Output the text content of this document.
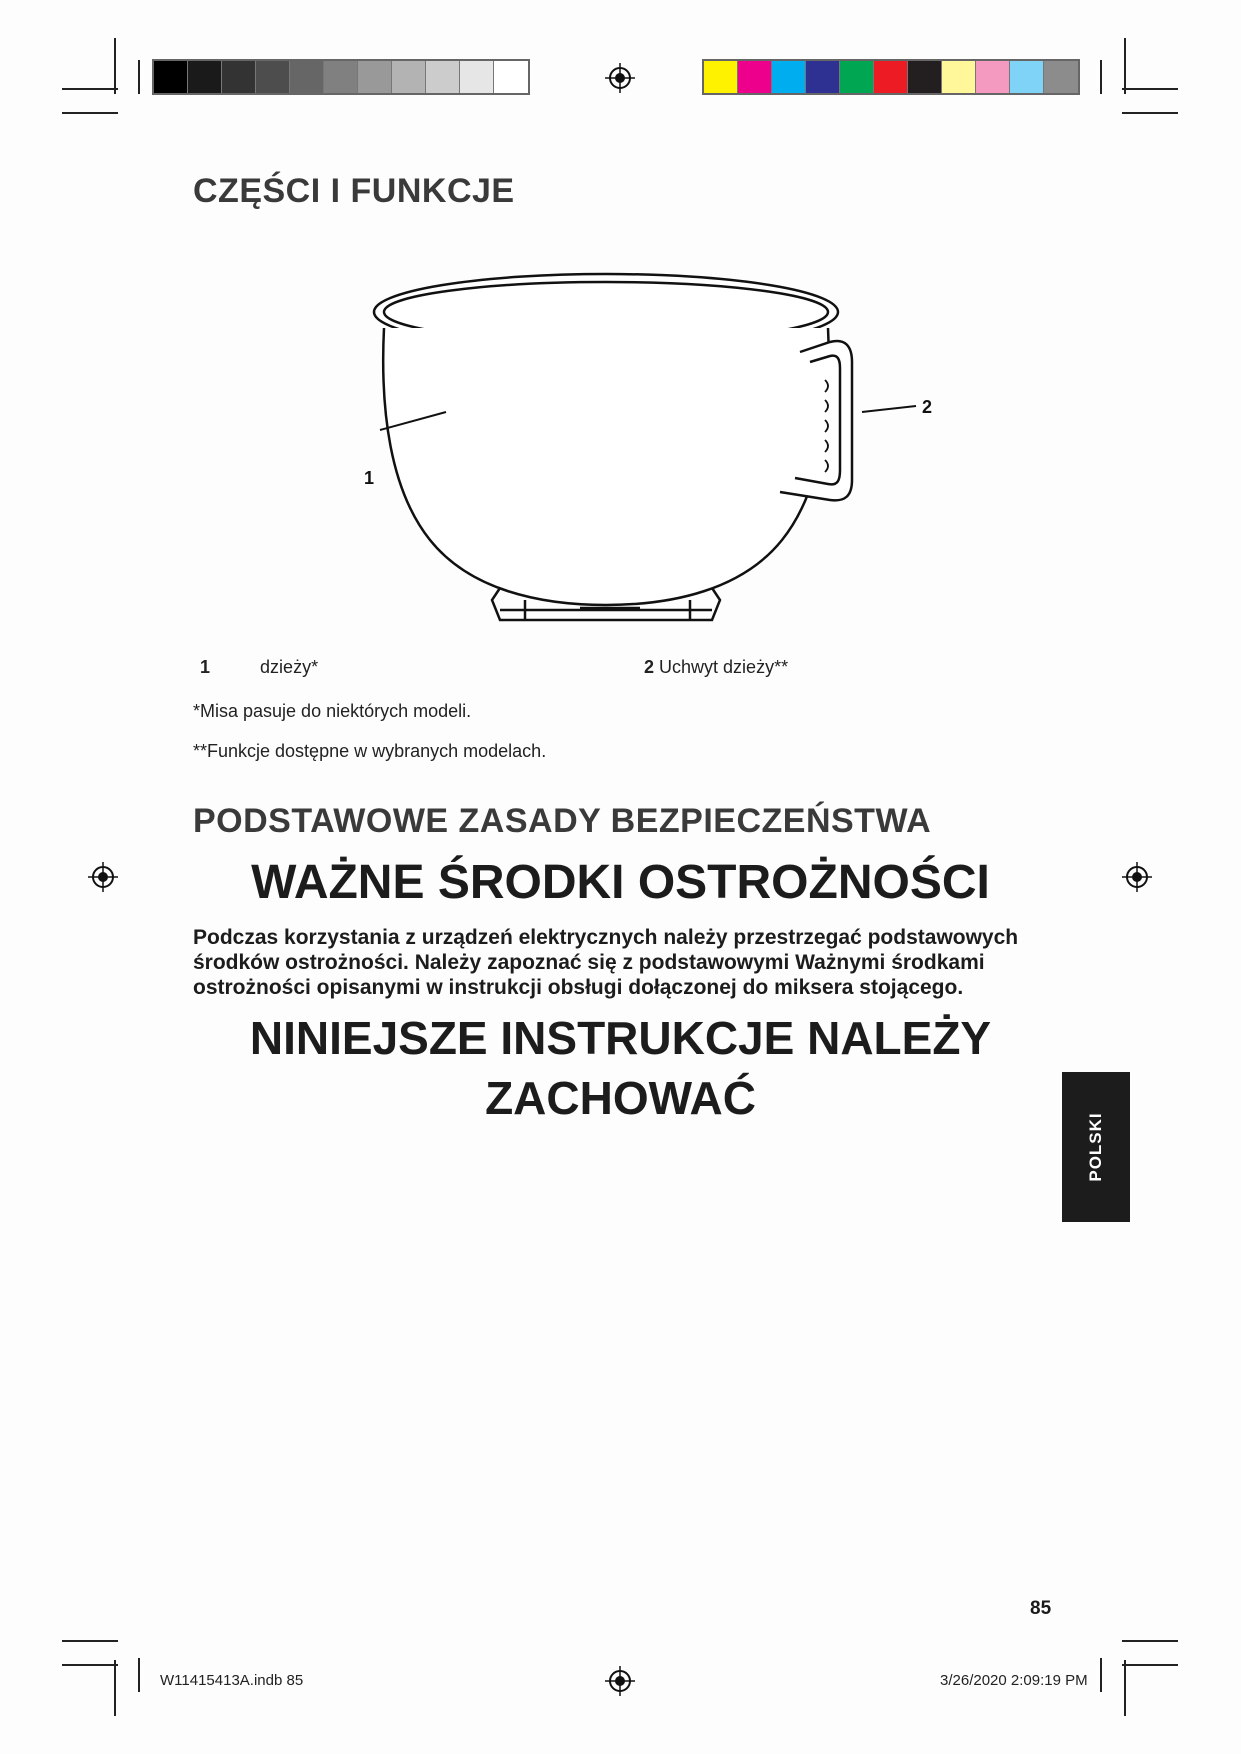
CZĘŚCI I FUNKCJE
1
2
1	dzieży*	2 Uchwyt dzieży**
*Misa pasuje do niektórych modeli.
**Funkcje dostępne w wybranych modelach.
PODSTAWOWE ZASADY BEZPIECZEŃSTWA
WAŻNE ŚRODKI OSTROŻNOŚCI
Podczas korzystania z urządzeń elektrycznych należy przestrzegać podstawowych
środków ostrożności. Należy zapoznać się z podstawowymi Ważnymi środkami
ostrożności opisanymi w instrukcji obsługi dołączonej do miksera stojącego.
NINIEJSZE INSTRUKCJE NALEŻY
ZACHOWAĆ
POLSKI
85
W11415413A.indb 85	3/26/2020 2:09:19 PM
